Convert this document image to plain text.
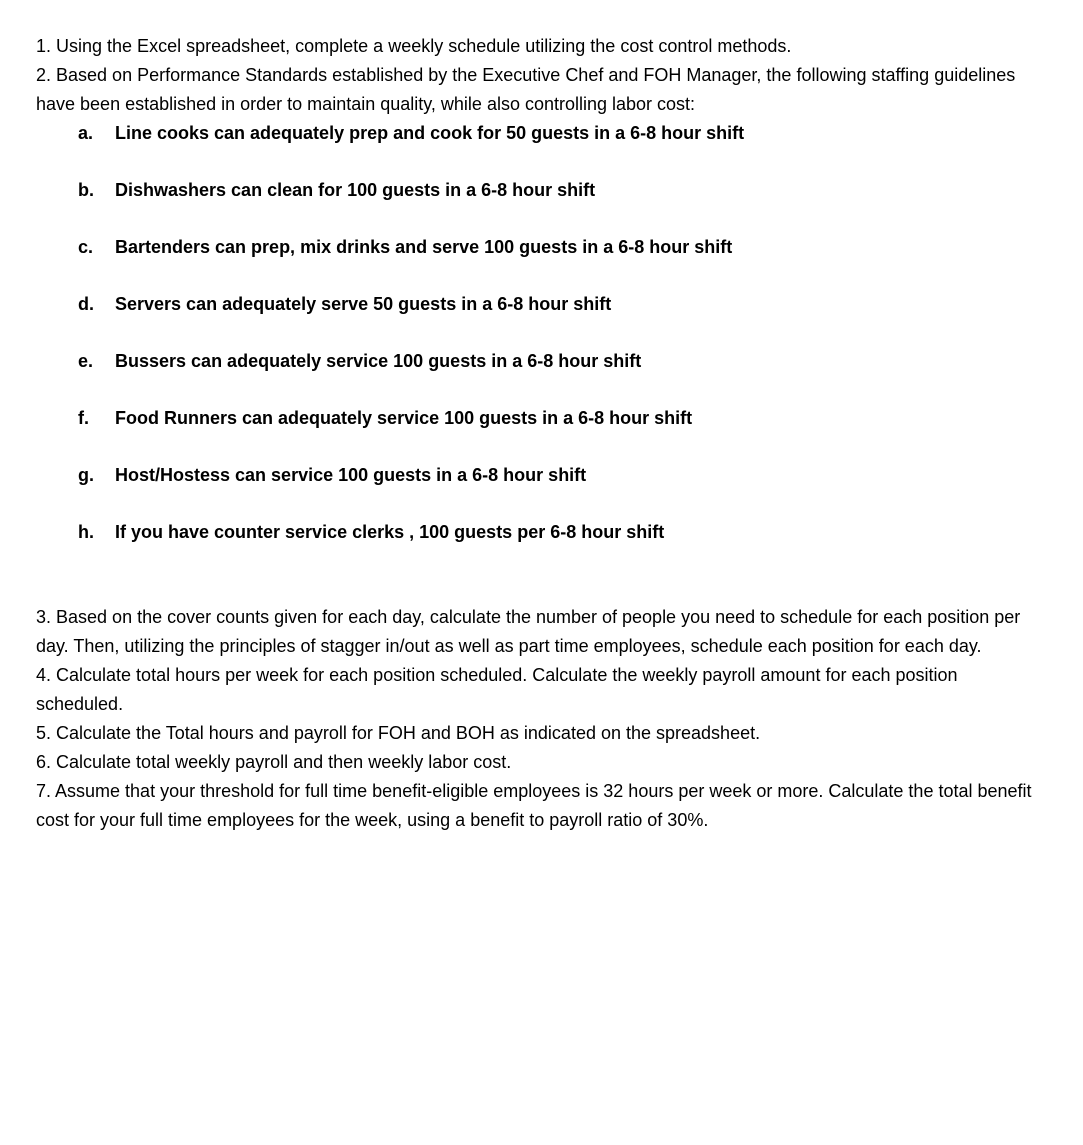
1. Using the Excel spreadsheet, complete a weekly schedule utilizing the cost control methods.

2. Based on Performance Standards established by the Executive Chef and FOH Manager, the following staffing guidelines have been established in order to maintain quality, while also controlling labor cost:

a.	Line cooks can adequately prep and cook for 50 guests in a 6-8 hour shift
b.	Dishwashers can clean for 100 guests in a 6-8 hour shift
c.	Bartenders can prep, mix drinks and serve 100 guests in a 6-8 hour shift
d.	Servers can adequately serve 50 guests in a 6-8 hour shift
e.	Bussers can adequately service 100 guests in a 6-8 hour shift
f.	Food Runners can adequately service 100 guests in a 6-8 hour shift
g.	Host/Hostess can service 100 guests in a 6-8 hour shift
h.	If you have counter service clerks , 100 guests per 6-8 hour shift

3. Based on the cover counts given for each day, calculate the number of people you need to schedule for each position per day. Then, utilizing the principles of stagger in/out as well as part time employees, schedule each position for each day.

4. Calculate total hours per week for each position scheduled. Calculate the weekly payroll amount for each position scheduled.

5. Calculate the Total hours and payroll for FOH and BOH as indicated on the spreadsheet.

6. Calculate total weekly payroll and then weekly labor cost.

7. Assume that your threshold for full time benefit-eligible employees is 32 hours per week or more. Calculate the total benefit cost for your full time employees for the week, using a benefit to payroll ratio of 30%.
